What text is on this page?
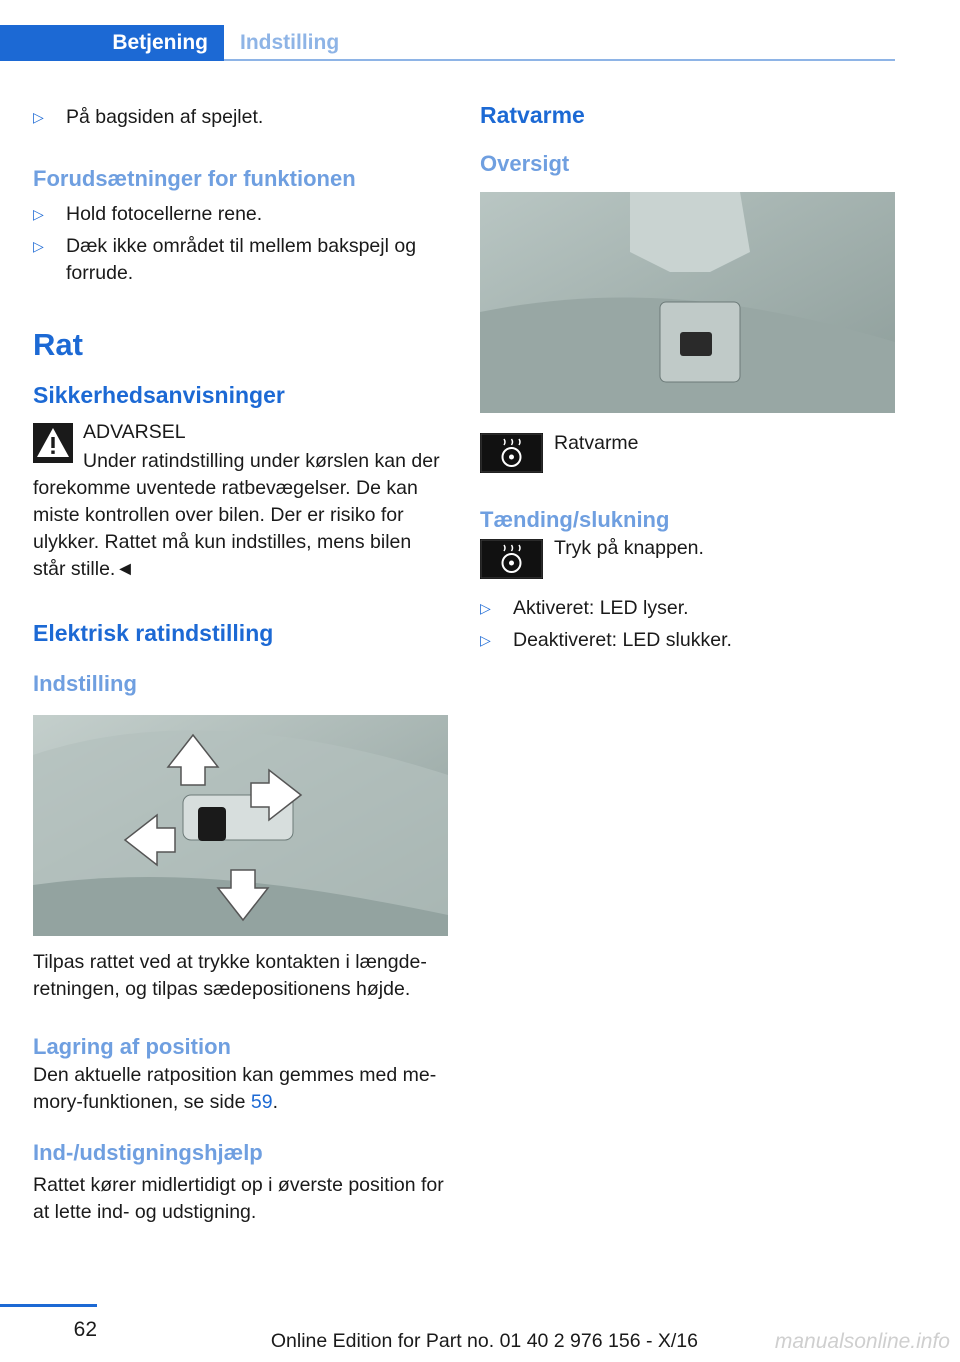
Betjening	Indstilling
▷ På bagsiden af spejlet.
Forudsætninger for funktionen
▷ Hold fotocellerne rene.
▷ Dæk ikke området til mellem bakspejl og forrude.
Rat
Sikkerhedsanvisninger
ADVARSEL
Under ratindstilling under kørslen kan der forekomme uventede ratbevægelser. De kan miste kontrollen over bilen. Der er risiko for ulykker. Rattet må kun indstilles, mens bilen står stille.◄
Elektrisk ratindstilling
Indstilling
Tilpas rattet ved at trykke kontakten i længderetningen, og tilpas sædepositionens højde.
Lagring af position
Den aktuelle ratposition kan gemmes med memory-funktionen, se side 59.
Ind-/udstigningshjælp
Rattet kører midlertidigt op i øverste position for at lette ind- og udstigning.
Ratvarme
Oversigt
Ratvarme
Tænding/slukning
Tryk på knappen.
▷ Aktiveret: LED lyser.
▷ Deaktiveret: LED slukker.
62	Online Edition for Part no. 01 40 2 976 156 - X/16	manualsonline.info
